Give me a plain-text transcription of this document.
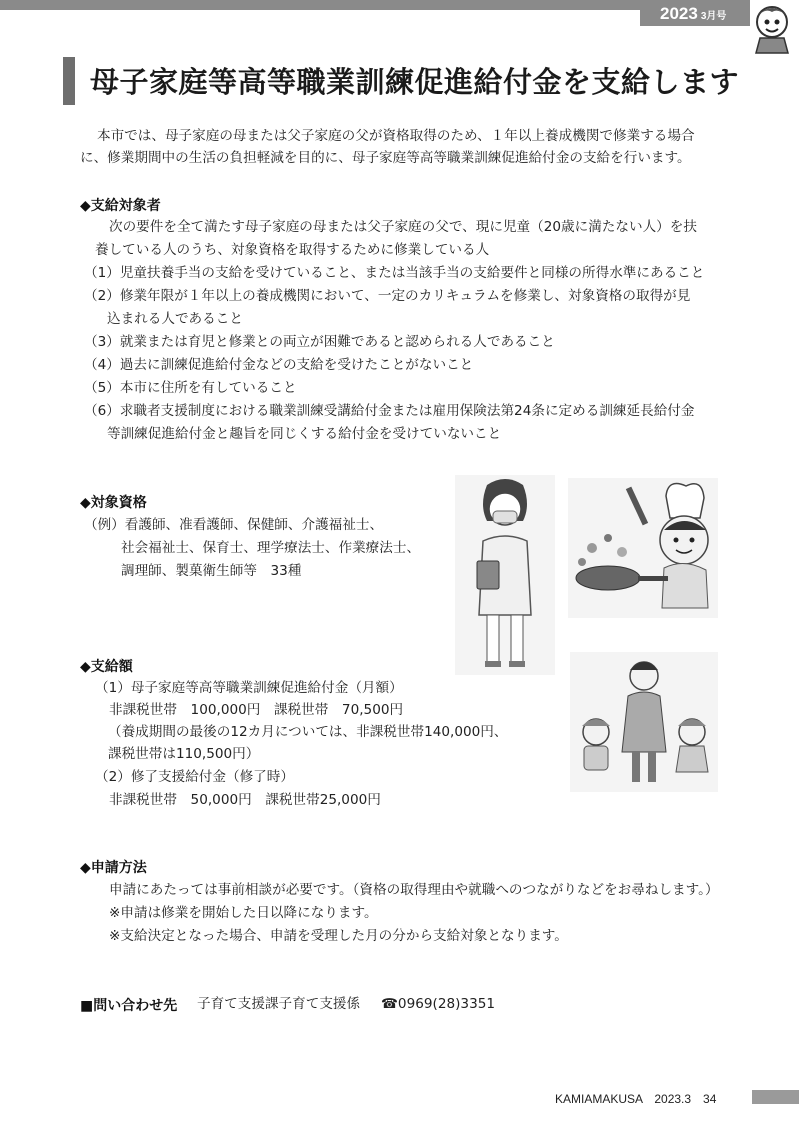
2023 3月号
母子家庭等高等職業訓練促進給付金を支給します
本市では、母子家庭の母または父子家庭の父が資格取得のため、１年以上養成機関で修業する場合
に、修業期間中の生活の負担軽減を目的に、母子家庭等高等職業訓練促進給付金の支給を行います。
◆支給対象者
次の要件を全て満たす母子家庭の母または父子家庭の父で、現に児童（20歳に満たない人）を扶
養している人のうち、対象資格を取得するために修業している人
（1）児童扶養手当の支給を受けていること、または当該手当の支給要件と同様の所得水準にあること
（2）修業年限が１年以上の養成機関において、一定のカリキュラムを修業し、対象資格の取得が見
込まれる人であること
（3）就業または育児と修業との両立が困難であると認められる人であること
（4）過去に訓練促進給付金などの支給を受けたことがないこと
（5）本市に住所を有していること
（6）求職者支援制度における職業訓練受講給付金または雇用保険法第24条に定める訓練延長給付金
等訓練促進給付金と趣旨を同じくする給付金を受けていないこと
◆対象資格
（例）看護師、准看護師、保健師、介護福祉士、
社会福祉士、保育士、理学療法士、作業療法士、
調理師、製菓衛生師等　33種
◆支給額
（1）母子家庭等高等職業訓練促進給付金（月額）
非課税世帯　100,000円　課税世帯　70,500円
（養成期間の最後の12カ月については、非課税世帯140,000円、
課税世帯は110,500円）
（2）修了支援給付金（修了時）
非課税世帯　50,000円　課税世帯25,000円
◆申請方法
申請にあたっては事前相談が必要です。（資格の取得理由や就職へのつながりなどをお尋ねします。）
※申請は修業を開始した日以降になります。
※支給決定となった場合、申請を受理した月の分から支給対象となります。
■問い合わせ先 子育て支援課子育て支援係 ☎0969(28)3351
KAMIAMAKUSA　2023.3　34
